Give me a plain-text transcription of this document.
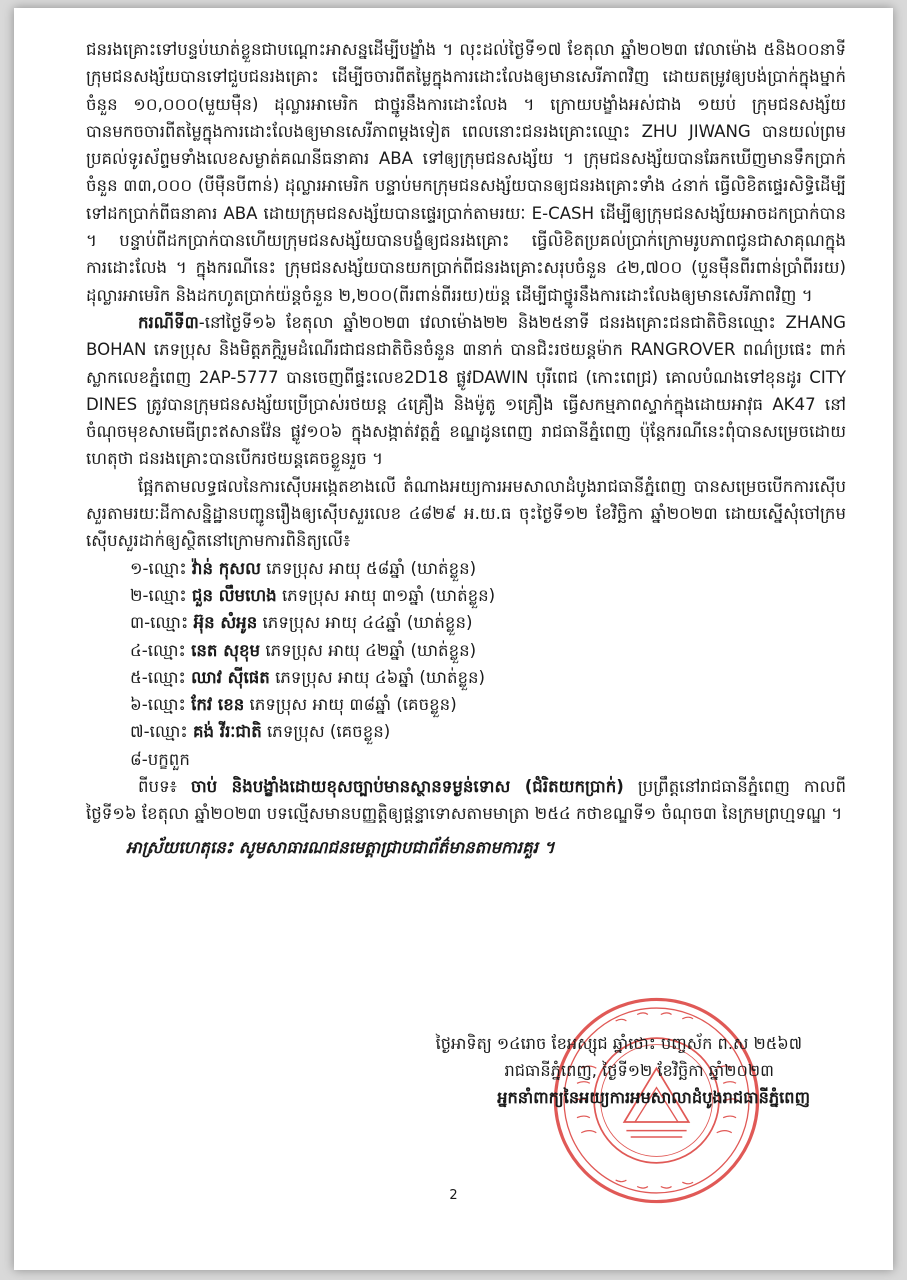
ជនរងគ្រោះទៅបន្ទប់ឃាត់ខ្លួនជាបណ្ដោះអាសន្នដើម្បីបង្ខាំង ។ លុះដល់ថ្ងៃទី១៧ ខែតុលា ឆ្នាំ២០២៣ វេលាម៉ោង ៥និង០០នាទី ក្រុមជនសង្ស័យបានទៅជួបជនរងគ្រោះ ដើម្បីចចារពីតម្លៃក្នុងការដោះលែងឲ្យមានសេរីភាពវិញ ដោយតម្រូវឲ្យបង់ប្រាក់ក្នុងម្នាក់ចំនួន ១០,០០០(មួយម៉ឺន) ដុល្លារអាមេរិក ជាថ្នូរនឹងការដោះលែង ។ ក្រោយបង្ខាំងអស់ជាង ១យប់ ក្រុមជនសង្ស័យបានមកចចារពីតម្លៃក្នុងការដោះលែងឲ្យមានសេរីភាពម្ដងទៀត ពេលនោះជនរងគ្រោះឈ្មោះ ZHU JIWANG បានយល់ព្រមប្រគល់ទូរស័ព្ទមទាំងលេខសម្ងាត់គណនីធនាគារ ABA ទៅឲ្យក្រុមជនសង្ស័យ ។ ក្រុមជនសង្ស័យបានឆែកឃើញមានទឹកប្រាក់ចំនួន ៣៣,០០០ (បីម៉ឺនបីពាន់) ដុល្លារអាមេរិក បន្ទាប់មកក្រុមជនសង្ស័យបានឲ្យជនរងគ្រោះទាំង ៤នាក់ ធ្វើលិខិតផ្ទេរសិទ្ធិដើម្បីទៅដកប្រាក់ពីធនាគារ ABA ដោយក្រុមជនសង្ស័យបានផ្ទេរប្រាក់តាមរយៈ E-CASH ដើម្បីឲ្យក្រុមជនសង្ស័យអាចដកប្រាក់បាន ។ បន្ទាប់ពីដកប្រាក់បានហើយក្រុមជនសង្ស័យបានបង្ខំឲ្យជនរងគ្រោះ ធ្វើលិខិតប្រគល់ប្រាក់ក្រោមរូបភាពជូនជាសាគុណក្នុងការដោះលែង ។ ក្នុងករណីនេះ ក្រុមជនសង្ស័យបានយកប្រាក់ពីជនរងគ្រោះសរុបចំនួន ៤២,៧០០ (បួនម៉ឺនពីរពាន់ប្រាំពីររយ) ដុល្លារអាមេរិក និងដកហូតប្រាក់យ៉ន្តចំនួន ២,២០០(ពីរពាន់ពីររយ)យ៉ន្ត ដើម្បីជាថ្នូរនឹងការដោះលែងឲ្យមានសេរីភាពវិញ ។

ករណីទី៣-នៅថ្ងៃទី១៦ ខែតុលា ឆ្នាំ២០២៣ វេលាម៉ោង២២ និង២៥នាទី ជនរងគ្រោះជនជាតិចិនឈ្មោះ ZHANG BOHAN ភេទប្រុស និងមិត្តភក្តិរួមដំណើរជាជនជាតិចិនចំនួន ៣នាក់ បានជិះរថយន្តម៉ាក RANGROVER ពណ៌ប្រផេះ ពាក់ស្លាកលេខភ្នំពេញ 2AP-5777 បានចេញពីផ្ទះលេខ2D18 ផ្លូវDAWIN បុរីពេជ (កោះពេជ្រ) គោលបំណងទៅខុនដូរ CITY DINES ត្រូវបានក្រុមជនសង្ស័យប្រើប្រាស់រថយន្ត ៤គ្រឿង និងម៉ូតូ ១គ្រឿង ធ្វើសកម្មភាពស្ទាក់ក្នុងដោយអាវុធ AK47 នៅចំណុចមុខសាមេធីព្រះឥសានវ៉ែន ផ្លូវ១០៦ ក្នុងសង្កាត់វត្តភ្នំ ខណ្ឌដូនពេញ រាជធានីភ្នំពេញ ប៉ុន្តែករណីនេះពុំបានសម្រេចដោយហេតុថា ជនរងគ្រោះបានបើករថយន្តគេចខ្លួនរួច ។

ផ្អែកតាមលទ្ធផលនៃការស៊ើបអង្កេតខាងលើ តំណាងអយ្យការអមសាលាដំបូងរាជធានីភ្នំពេញ បានសម្រេចបើកការស៊ើបសួរតាមរយៈដីកាសន្និដ្ឋានបញ្ជូនរឿងឲ្យស៊ើបសួរលេខ ៤៨២៩ អ.យ.ធ ចុះថ្ងៃទី១២ ខែវិច្ឆិកា ឆ្នាំ២០២៣ ដោយស្នើសុំចៅក្រមស៊ើបសួរដាក់ឲ្យស្ថិតនៅក្រោមការពិនិត្យលើ៖

១-ឈ្មោះ វ៉ាន់ កុសល ភេទប្រុស អាយុ ៥៨ឆ្នាំ (ឃាត់ខ្លួន)
២-ឈ្មោះ ជួន លឹមហេង ភេទប្រុស អាយុ ៣១ឆ្នាំ (ឃាត់ខ្លួន)
៣-ឈ្មោះ អ៊ុន សំអូន ភេទប្រុស អាយុ ៤៤ឆ្នាំ (ឃាត់ខ្លួន)
៤-ឈ្មោះ នេត សុខុម ភេទប្រុស អាយុ ៤២ឆ្នាំ (ឃាត់ខ្លួន)
៥-ឈ្មោះ ឈាវ ស៊ីផេត ភេទប្រុស អាយុ ៤៦ឆ្នាំ (ឃាត់ខ្លួន)
៦-ឈ្មោះ កែវ ខេន ភេទប្រុស អាយុ ៣៨ឆ្នាំ (គេចខ្លួន)
៧-ឈ្មោះ គង់ វីរៈជាតិ ភេទប្រុស (គេចខ្លួន)
៨-បក្ខពួក

ពីបទ៖ ចាប់ និងបង្ខាំងដោយខុសច្បាប់មានស្ថានទម្ងន់ទោស (ជំរិតយកប្រាក់) ប្រព្រឹត្តនៅរាជធានីភ្នំពេញ កាលពីថ្ងៃទី១៦ ខែតុលា ឆ្នាំ២០២៣ បទល្មើសមានបញ្ញត្តិឲ្យផ្ដន្ទាទោសតាមមាត្រា ២៥៤ កថាខណ្ឌទី១ ចំណុច៣ នៃក្រមព្រហ្មទណ្ឌ ។

អាស្រ័យហេតុនេះ សូមសាធារណជនមេត្តាជ្រាបជាព័ត៌មានតាមការគួរ ។

ថ្ងៃអាទិត្យ ១៤រោច ខែអស្សុជ ឆ្នាំថោះ បញ្ចស័ក ព.ស ២៥៦៧
រាជធានីភ្នំពេញ, ថ្ងៃទី១២ ខែវិច្ឆិកា ឆ្នាំ២០២៣
អ្នកនាំពាក្យនៃអយ្យការអមសាលាដំបូងរាជធានីភ្នំពេញ
2
